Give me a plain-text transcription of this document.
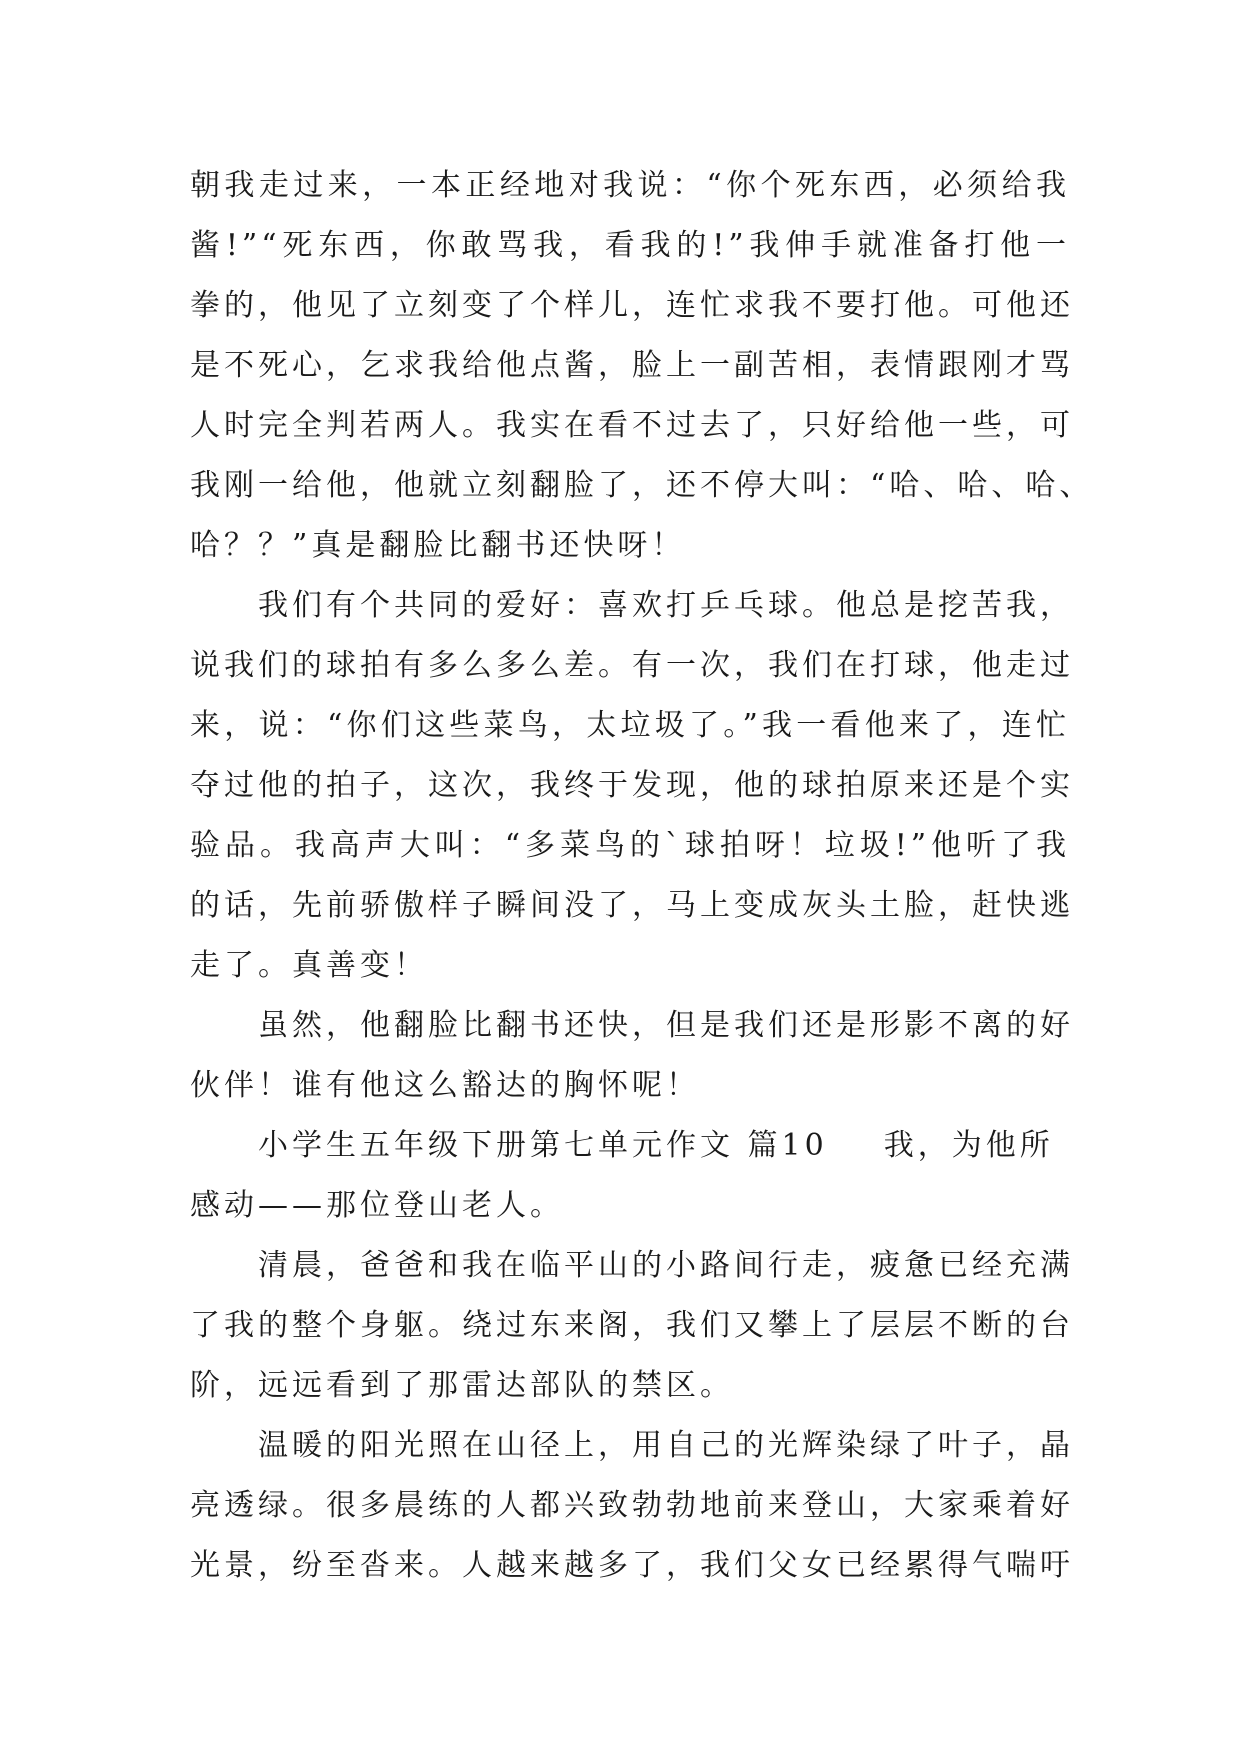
朝我走过来，一本正经地对我说：“你个死东西，必须给我
酱!”“死东西，你敢骂我，看我的!”我伸手就准备打他一
拳的，他见了立刻变了个样儿，连忙求我不要打他。可他还
是不死心，乞求我给他点酱，脸上一副苦相，表情跟刚才骂
人时完全判若两人。我实在看不过去了，只好给他一些，可
我刚一给他，他就立刻翻脸了，还不停大叫：“哈、哈、哈、
哈？？”真是翻脸比翻书还快呀！
我们有个共同的爱好：喜欢打乒乓球。他总是挖苦我，
说我们的球拍有多么多么差。有一次，我们在打球，他走过
来，说：“你们这些菜鸟，太垃圾了。”我一看他来了，连忙
夺过他的拍子，这次，我终于发现，他的球拍原来还是个实
验品。我高声大叫：“多菜鸟的`球拍呀！垃圾!”他听了我
的话，先前骄傲样子瞬间没了，马上变成灰头土脸，赶快逃
走了。真善变！
虽然，他翻脸比翻书还快，但是我们还是形影不离的好
伙伴！谁有他这么豁达的胸怀呢！
小学生五年级下册第七单元作文 篇10 我，为他所
感动——那位登山老人。
清晨，爸爸和我在临平山的小路间行走，疲惫已经充满
了我的整个身躯。绕过东来阁，我们又攀上了层层不断的台
阶，远远看到了那雷达部队的禁区。
温暖的阳光照在山径上，用自己的光辉染绿了叶子，晶
亮透绿。很多晨练的人都兴致勃勃地前来登山，大家乘着好
光景，纷至沓来。人越来越多了，我们父女已经累得气喘吁
